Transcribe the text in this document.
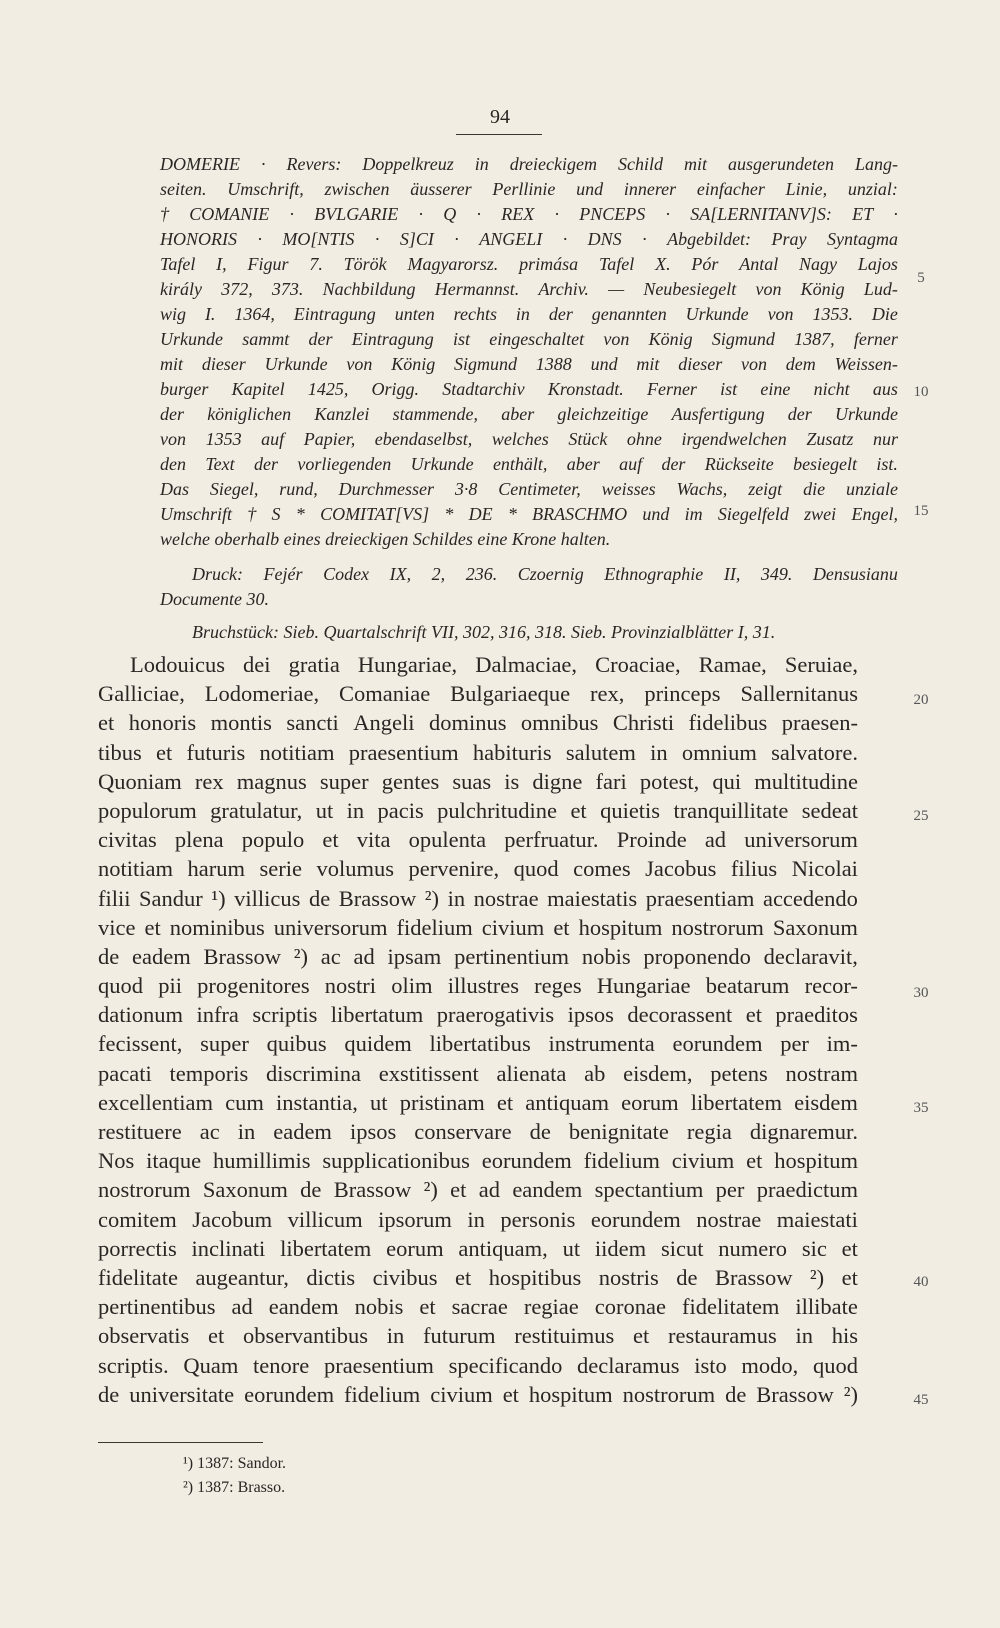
94
DOMERIE · Revers: Doppelkreuz in dreieckigem Schild mit ausgerundeten Lang-
seiten. Umschrift, zwischen äusserer Perllinie und innerer einfacher Linie, unzial:
† COMANIE · BVLGARIE · Q · REX · PNCEPS · SA[LERNITANV]S: ET ·
HONORIS · MO[NTIS · S]CI · ANGELI · DNS · Abgebildet: Pray Syntagma
Tafel I, Figur 7. Török Magyarorsz. primása Tafel X. Pór Antal Nagy Lajos
király 372, 373. Nachbildung Hermannst. Archiv. — Neubesiegelt von König Lud-
wig I. 1364, Eintragung unten rechts in der genannten Urkunde von 1353. Die
Urkunde sammt der Eintragung ist eingeschaltet von König Sigmund 1387, ferner
mit dieser Urkunde von König Sigmund 1388 und mit dieser von dem Weissen-
burger Kapitel 1425, Origg. Stadtarchiv Kronstadt. Ferner ist eine nicht aus
der königlichen Kanzlei stammende, aber gleichzeitige Ausfertigung der Urkunde
von 1353 auf Papier, ebendaselbst, welches Stück ohne irgendwelchen Zusatz nur
den Text der vorliegenden Urkunde enthält, aber auf der Rückseite besiegelt ist.
Das Siegel, rund, Durchmesser 3·8 Centimeter, weisses Wachs, zeigt die unziale
Umschrift † S * COMITAT[VS] * DE * BRASCHMO und im Siegelfeld zwei Engel,
welche oberhalb eines dreieckigen Schildes eine Krone halten.
Druck: Fejér Codex IX, 2, 236. Czoernig Ethnographie II, 349. Densusianu
Documente 30.
Bruchstück: Sieb. Quartalschrift VII, 302, 316, 318. Sieb. Provinzialblätter I, 31.
Lodouicus dei gratia Hungariae, Dalmaciae, Croaciae, Ramae, Seruiae,
Galliciae, Lodomeriae, Comaniae Bulgariaeque rex, princeps Sallernitanus
et honoris montis sancti Angeli dominus omnibus Christi fidelibus praesen-
tibus et futuris notitiam praesentium habituris salutem in omnium salvatore.
Quoniam rex magnus super gentes suas is digne fari potest, qui multitudine
populorum gratulatur, ut in pacis pulchritudine et quietis tranquillitate sedeat
civitas plena populo et vita opulenta perfruatur. Proinde ad universorum
notitiam harum serie volumus pervenire, quod comes Jacobus filius Nicolai
filii Sandur ¹) villicus de Brassow ²) in nostrae maiestatis praesentiam accedendo
vice et nominibus universorum fidelium civium et hospitum nostrorum Saxonum
de eadem Brassow ²) ac ad ipsam pertinentium nobis proponendo declaravit,
quod pii progenitores nostri olim illustres reges Hungariae beatarum recor-
dationum infra scriptis libertatum praerogativis ipsos decorassent et praeditos
fecissent, super quibus quidem libertatibus instrumenta eorundem per im-
pacati temporis discrimina exstitissent alienata ab eisdem, petens nostram
excellentiam cum instantia, ut pristinam et antiquam eorum libertatem eisdem
restituere ac in eadem ipsos conservare de benignitate regia dignaremur.
Nos itaque humillimis supplicationibus eorundem fidelium civium et hospitum
nostrorum Saxonum de Brassow ²) et ad eandem spectantium per praedictum
comitem Jacobum villicum ipsorum in personis eorundem nostrae maiestati
porrectis inclinati libertatem eorum antiquam, ut iidem sicut numero sic et
fidelitate augeantur, dictis civibus et hospitibus nostris de Brassow ²) et
pertinentibus ad eandem nobis et sacrae regiae coronae fidelitatem illibate
observatis et observantibus in futurum restituimus et restauramus in his
scriptis. Quam tenore praesentium specificando declaramus isto modo, quod
de universitate eorundem fidelium civium et hospitum nostrorum de Brassow ²)
5
10
15
20
25
30
35
40
45
¹) 1387: Sandor.
²) 1387: Brasso.
